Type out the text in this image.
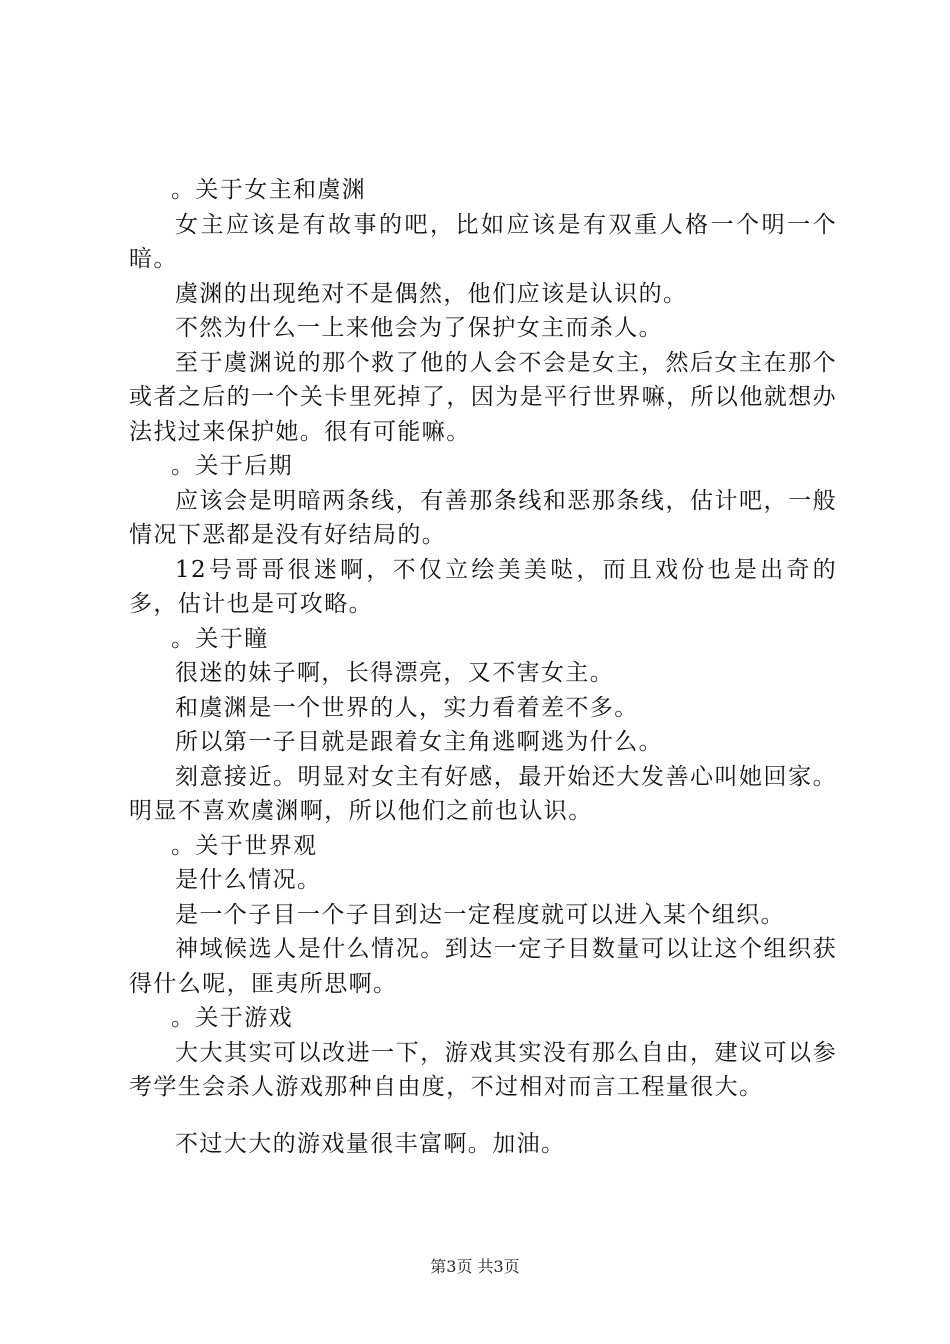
。关于女主和虞渊

女主应该是有故事的吧，比如应该是有双重人格一个明一个暗。

虞渊的出现绝对不是偶然，他们应该是认识的。

不然为什么一上来他会为了保护女主而杀人。

至于虞渊说的那个救了他的人会不会是女主，然后女主在那个或者之后的一个关卡里死掉了，因为是平行世界嘛，所以他就想办法找过来保护她。很有可能嘛。

。关于后期

应该会是明暗两条线，有善那条线和恶那条线，估计吧，一般情况下恶都是没有好结局的。

12号哥哥很迷啊，不仅立绘美美哒，而且戏份也是出奇的多，估计也是可攻略。

。关于瞳

很迷的妹子啊，长得漂亮，又不害女主。

和虞渊是一个世界的人，实力看着差不多。

所以第一子目就是跟着女主角逃啊逃为什么。

刻意接近。明显对女主有好感，最开始还大发善心叫她回家。明显不喜欢虞渊啊，所以他们之前也认识。

。关于世界观

是什么情况。

是一个子目一个子目到达一定程度就可以进入某个组织。

神域候选人是什么情况。到达一定子目数量可以让这个组织获得什么呢，匪夷所思啊。

。关于游戏

大大其实可以改进一下，游戏其实没有那么自由，建议可以参考学生会杀人游戏那种自由度，不过相对而言工程量很大。

不过大大的游戏量很丰富啊。加油。

第3页 共3页
